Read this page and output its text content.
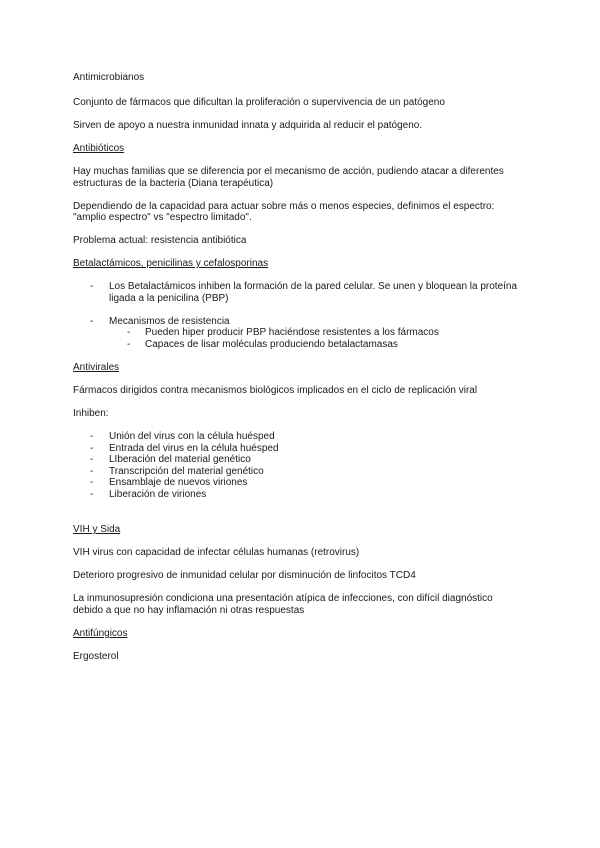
Antimicrobianos
Conjunto de fármacos que dificultan la proliferación o supervivencia de un patógeno
Sirven de apoyo a nuestra inmunidad innata y adquirida al reducir el patógeno.
Antibióticos
Hay muchas familias que se diferencia por el mecanismo de acción, pudiendo atacar a diferentes
estructuras de la bacteria (Diana terapéutica)
Dependiendo de la capacidad para actuar sobre más o menos especies, definimos el espectro:
"amplio espectro" vs "espectro limitado".
Problema actual: resistencia antibiótica
Betalactámicos, penicilinas y cefalosporinas
- Los Betalactámicos inhiben la formación de la pared celular. Se unen y bloquean la proteína
ligada a la penicilina (PBP)
- Mecanismos de resistencia
- Pueden hiper producir PBP haciéndose resistentes a los fármacos
- Capaces de lisar moléculas produciendo betalactamasas
Antivirales
Fármacos dirigidos contra mecanismos biológicos implicados en el ciclo de replicación viral
Inhiben:
- Unión del virus con la célula huésped
- Entrada del virus en la célula huésped
- LIberación del material genético
- Transcripción del material genético
- Ensamblaje de nuevos viriones
- Liberación de viriones
VIH y Sida
VIH virus con capacidad de infectar células humanas (retrovirus)
Deterioro progresivo de inmunidad celular por disminución de linfocitos TCD4
La inmunosupresión condiciona una presentación atípica de infecciones, con difícil diagnóstico
debido a que no hay inflamación ni otras respuestas
Antifúngicos
Ergosterol
